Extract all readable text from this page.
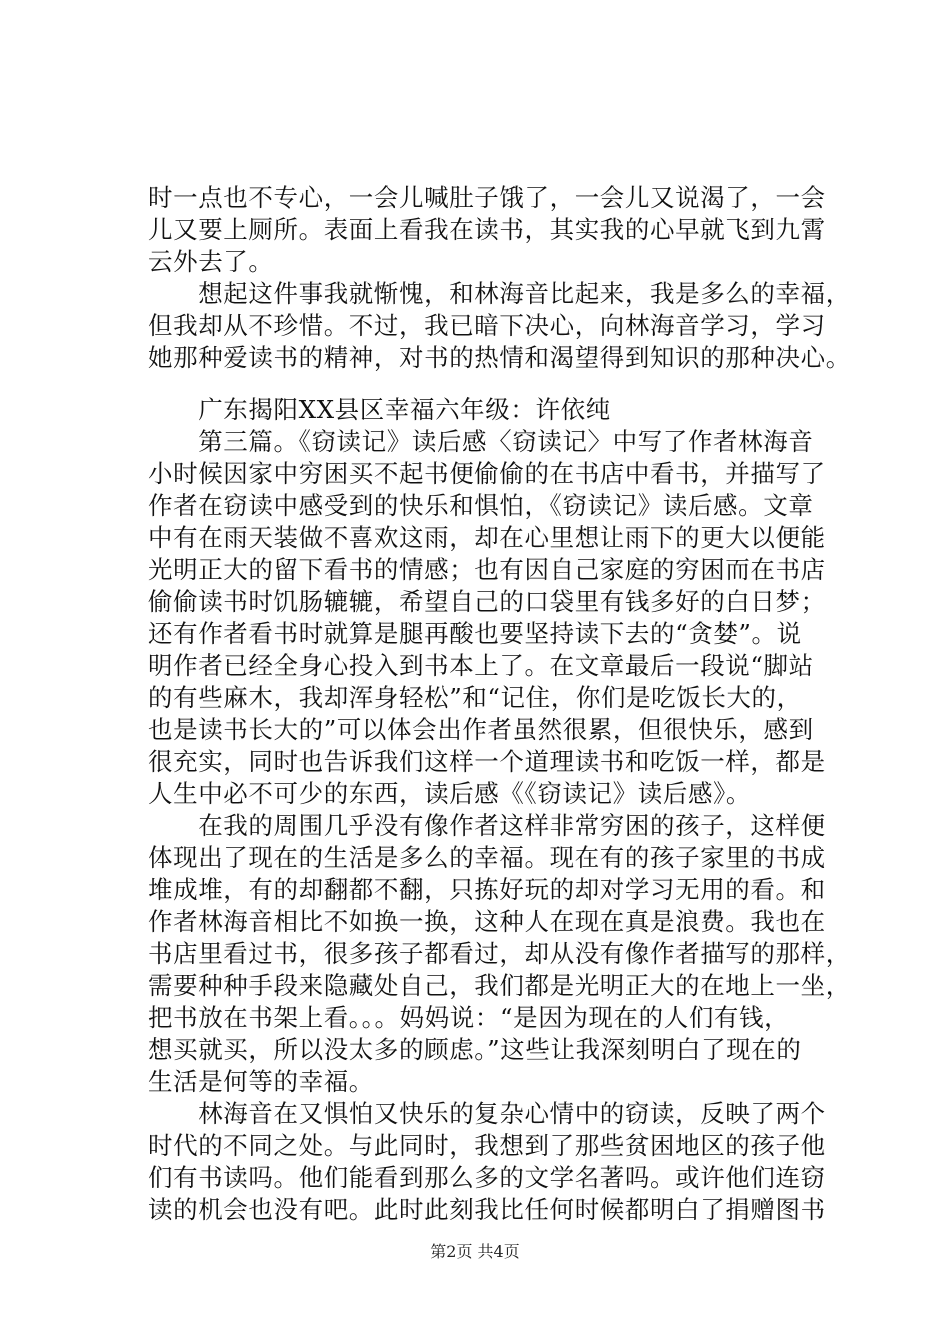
时一点也不专心，一会儿喊肚子饿了，一会儿又说渴了，一会
儿又要上厕所。表面上看我在读书，其实我的心早就飞到九霄
云外去了。
　　想起这件事我就惭愧，和林海音比起来，我是多么的幸福，
但我却从不珍惜。不过，我已暗下决心，向林海音学习，学习
她那种爱读书的精神，对书的热情和渴望得到知识的那种决心。
　　广东揭阳XX县区幸福六年级：许依纯
　　第三篇。《窃读记》读后感〈窃读记〉中写了作者林海音
小时候因家中穷困买不起书便偷偷的在书店中看书，并描写了
作者在窃读中感受到的快乐和惧怕，《窃读记》读后感。文章
中有在雨天装做不喜欢这雨，却在心里想让雨下的更大以便能
光明正大的留下看书的情感；也有因自己家庭的穷困而在书店
偷偷读书时饥肠辘辘，希望自己的口袋里有钱多好的白日梦；
还有作者看书时就算是腿再酸也要坚持读下去的“贪婪”。说
明作者已经全身心投入到书本上了。在文章最后一段说“脚站
的有些麻木，我却浑身轻松”和“记住，你们是吃饭长大的，
也是读书长大的”可以体会出作者虽然很累，但很快乐，感到
很充实，同时也告诉我们这样一个道理读书和吃饭一样，都是
人生中必不可少的东西，读后感《《窃读记》读后感》。
　　在我的周围几乎没有像作者这样非常穷困的孩子，这样便
体现出了现在的生活是多么的幸福。现在有的孩子家里的书成
堆成堆，有的却翻都不翻，只拣好玩的却对学习无用的看。和
作者林海音相比不如换一换，这种人在现在真是浪费。我也在
书店里看过书，很多孩子都看过，却从没有像作者描写的那样，
需要种种手段来隐藏处自己，我们都是光明正大的在地上一坐，
把书放在书架上看。。。妈妈说：“是因为现在的人们有钱，
想买就买，所以没太多的顾虑。”这些让我深刻明白了现在的
生活是何等的幸福。
　　林海音在又惧怕又快乐的复杂心情中的窃读，反映了两个
时代的不同之处。与此同时，我想到了那些贫困地区的孩子他
们有书读吗。他们能看到那么多的文学名著吗。或许他们连窃
读的机会也没有吧。此时此刻我比任何时候都明白了捐赠图书
第2页 共4页
